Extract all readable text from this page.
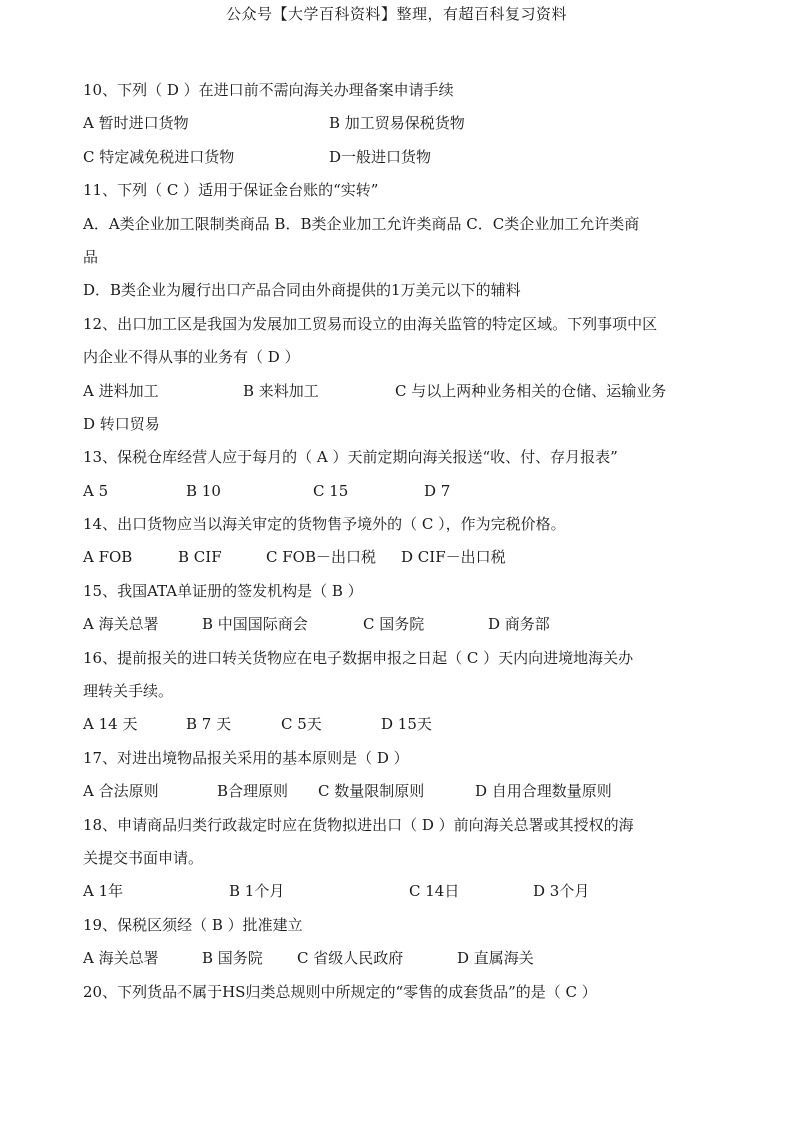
公众号【大学百科资料】整理，有超百科复习资料
10、下列（ D ）在进口前不需向海关办理备案申请手续
A 暂时进口货物	B 加工贸易保税货物
C 特定减免税进口货物	D一般进口货物
11、下列（ C ）适用于保证金台账的“实转”
A．A类企业加工限制类商品 B．B类企业加工允许类商品 C．C类企业加工允许类商
品
D．B类企业为履行出口产品合同由外商提供的1万美元以下的辅料
12、出口加工区是我国为发展加工贸易而设立的由海关监管的特定区域。下列事项中区
内企业不得从事的业务有（ D ）
A 进料加工	B 来料加工	C 与以上两种业务相关的仓储、运输业务
D 转口贸易
13、保税仓库经营人应于每月的（ A ）天前定期向海关报送“收、付、存月报表”
A 5	B 10	C 15	D 7
14、出口货物应当以海关审定的货物售予境外的（ C ），作为完税价格。
A FOB	B CIF	C FOB－出口税 D CIF－出口税
15、我国ATA单证册的签发机构是（ B ）
A 海关总署	B 中国国际商会	C 国务院	D 商务部
16、提前报关的进口转关货物应在电子数据申报之日起（ C ）天内向进境地海关办
理转关手续。
A 14 天	B 7 天	C 5天	D 15天
17、对进出境物品报关采用的基本原则是（ D ）
A 合法原则	B合理原则 C 数量限制原则	D 自用合理数量原则
18、申请商品归类行政裁定时应在货物拟进出口（ D ）前向海关总署或其授权的海
关提交书面申请。
A 1年	B 1个月	C 14日	D 3个月
19、保税区须经（ B ）批准建立
A 海关总署	B 国务院 C 省级人民政府	D 直属海关
20、下列货品不属于HS归类总规则中所规定的“零售的成套货品”的是（ C ）
